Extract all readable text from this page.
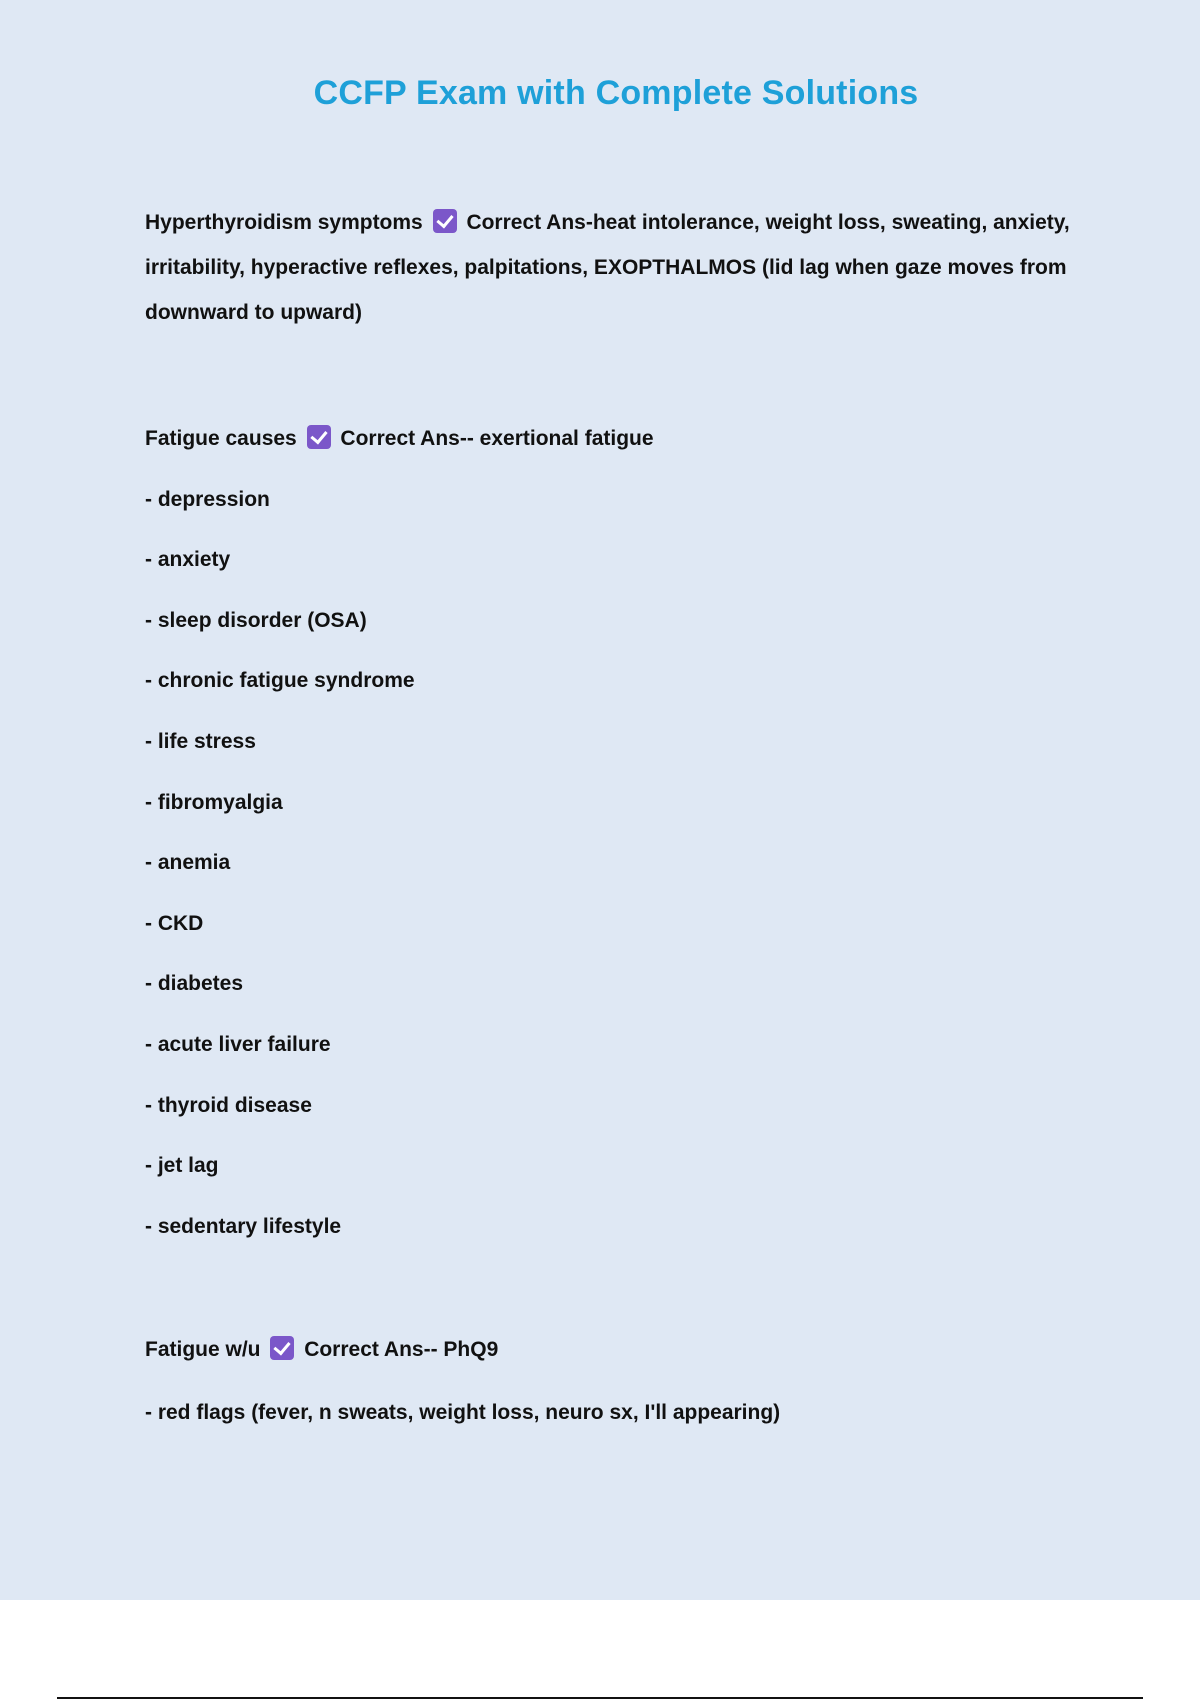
CCFP Exam with Complete Solutions
Hyperthyroidism symptoms Correct Ans-heat intolerance, weight loss, sweating, anxiety, irritability, hyperactive reflexes, palpitations, EXOPTHALMOS (lid lag when gaze moves from downward to upward)
Fatigue causes Correct Ans-- exertional fatigue
- depression
- anxiety
- sleep disorder (OSA)
- chronic fatigue syndrome
- life stress
- fibromyalgia
- anemia
- CKD
- diabetes
- acute liver failure
- thyroid disease
- jet lag
- sedentary lifestyle
Fatigue w/u Correct Ans-- PhQ9
- red flags (fever, n sweats, weight loss, neuro sx, I'll appearing)
